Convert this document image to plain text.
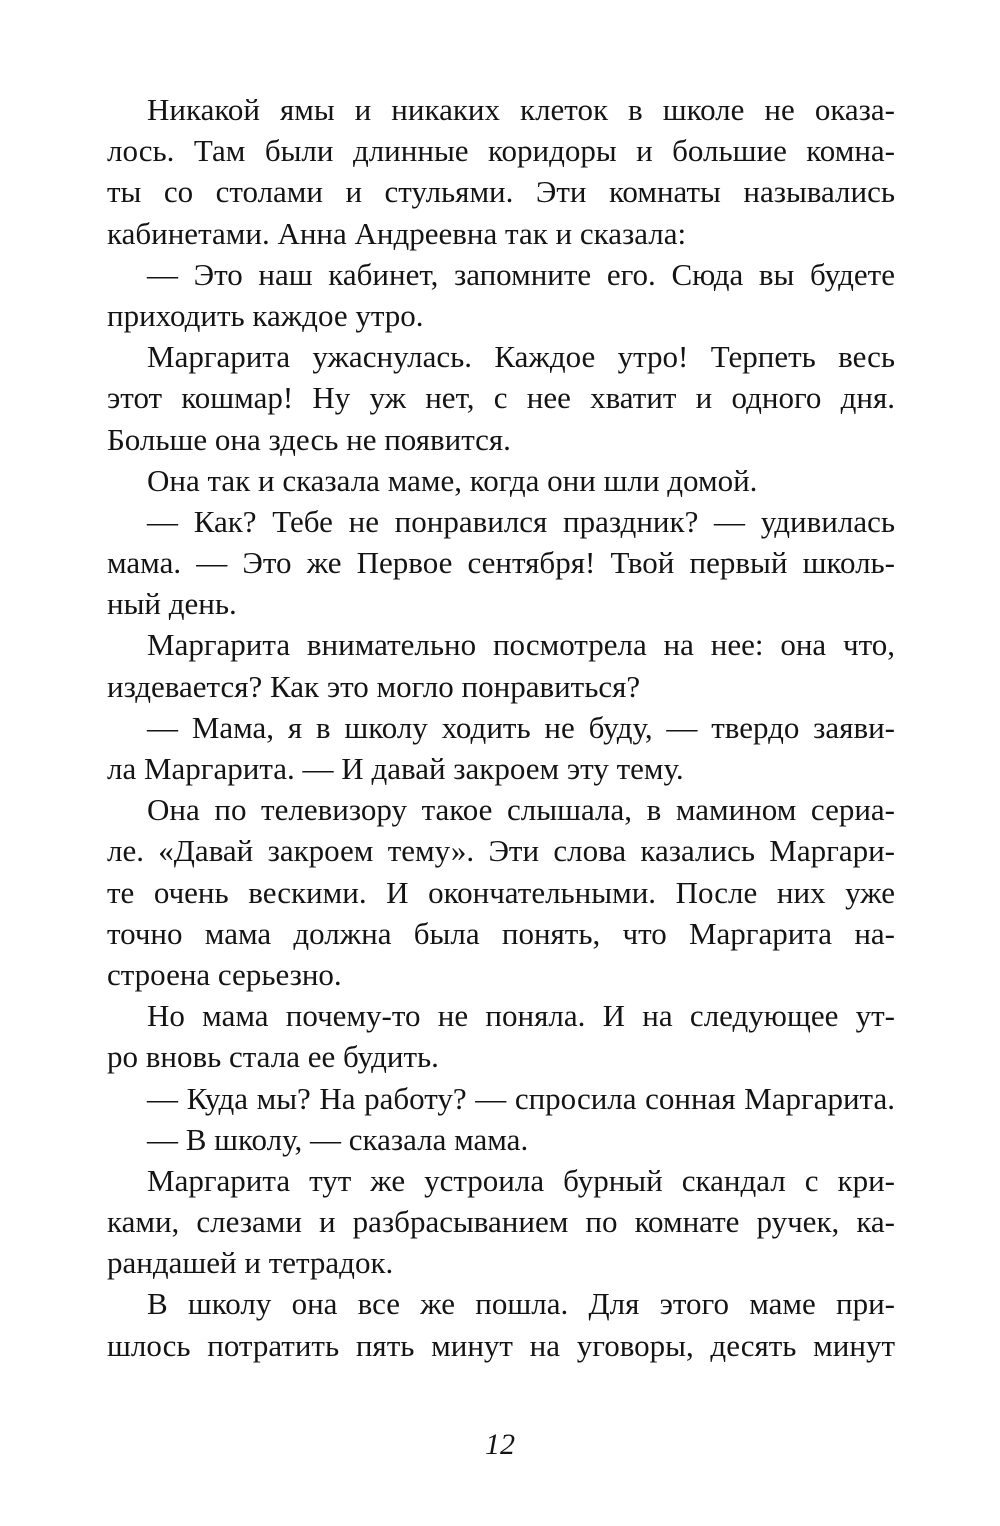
Никакой ямы и никаких клеток в школе не оказа-
лось. Там были длинные коридоры и большие комна-
ты со столами и стульями. Эти комнаты назывались
кабинетами. Анна Андреевна так и сказала:
— Это наш кабинет, запомните его. Сюда вы будете
приходить каждое утро.
Маргарита ужаснулась. Каждое утро! Терпеть весь
этот кошмар! Ну уж нет, с нее хватит и одного дня.
Больше она здесь не появится.
Она так и сказала маме, когда они шли домой.
— Как? Тебе не понравился праздник? — удивилась
мама. — Это же Первое сентября! Твой первый школь-
ный день.
Маргарита внимательно посмотрела на нее: она что,
издевается? Как это могло понравиться?
— Мама, я в школу ходить не буду, — твердо заяви-
ла Маргарита. — И давай закроем эту тему.
Она по телевизору такое слышала, в мамином сериа-
ле. «Давай закроем тему». Эти слова казались Маргари-
те очень вескими. И окончательными. После них уже
точно мама должна была понять, что Маргарита на-
строена серьезно.
Но мама почему-то не поняла. И на следующее ут-
ро вновь стала ее будить.
— Куда мы? На работу? — спросила сонная Маргарита.
— В школу, — сказала мама.
Маргарита тут же устроила бурный скандал с кри-
ками, слезами и разбрасыванием по комнате ручек, ка-
рандашей и тетрадок.
В школу она все же пошла. Для этого маме при-
шлось потратить пять минут на уговоры, десять минут
12
